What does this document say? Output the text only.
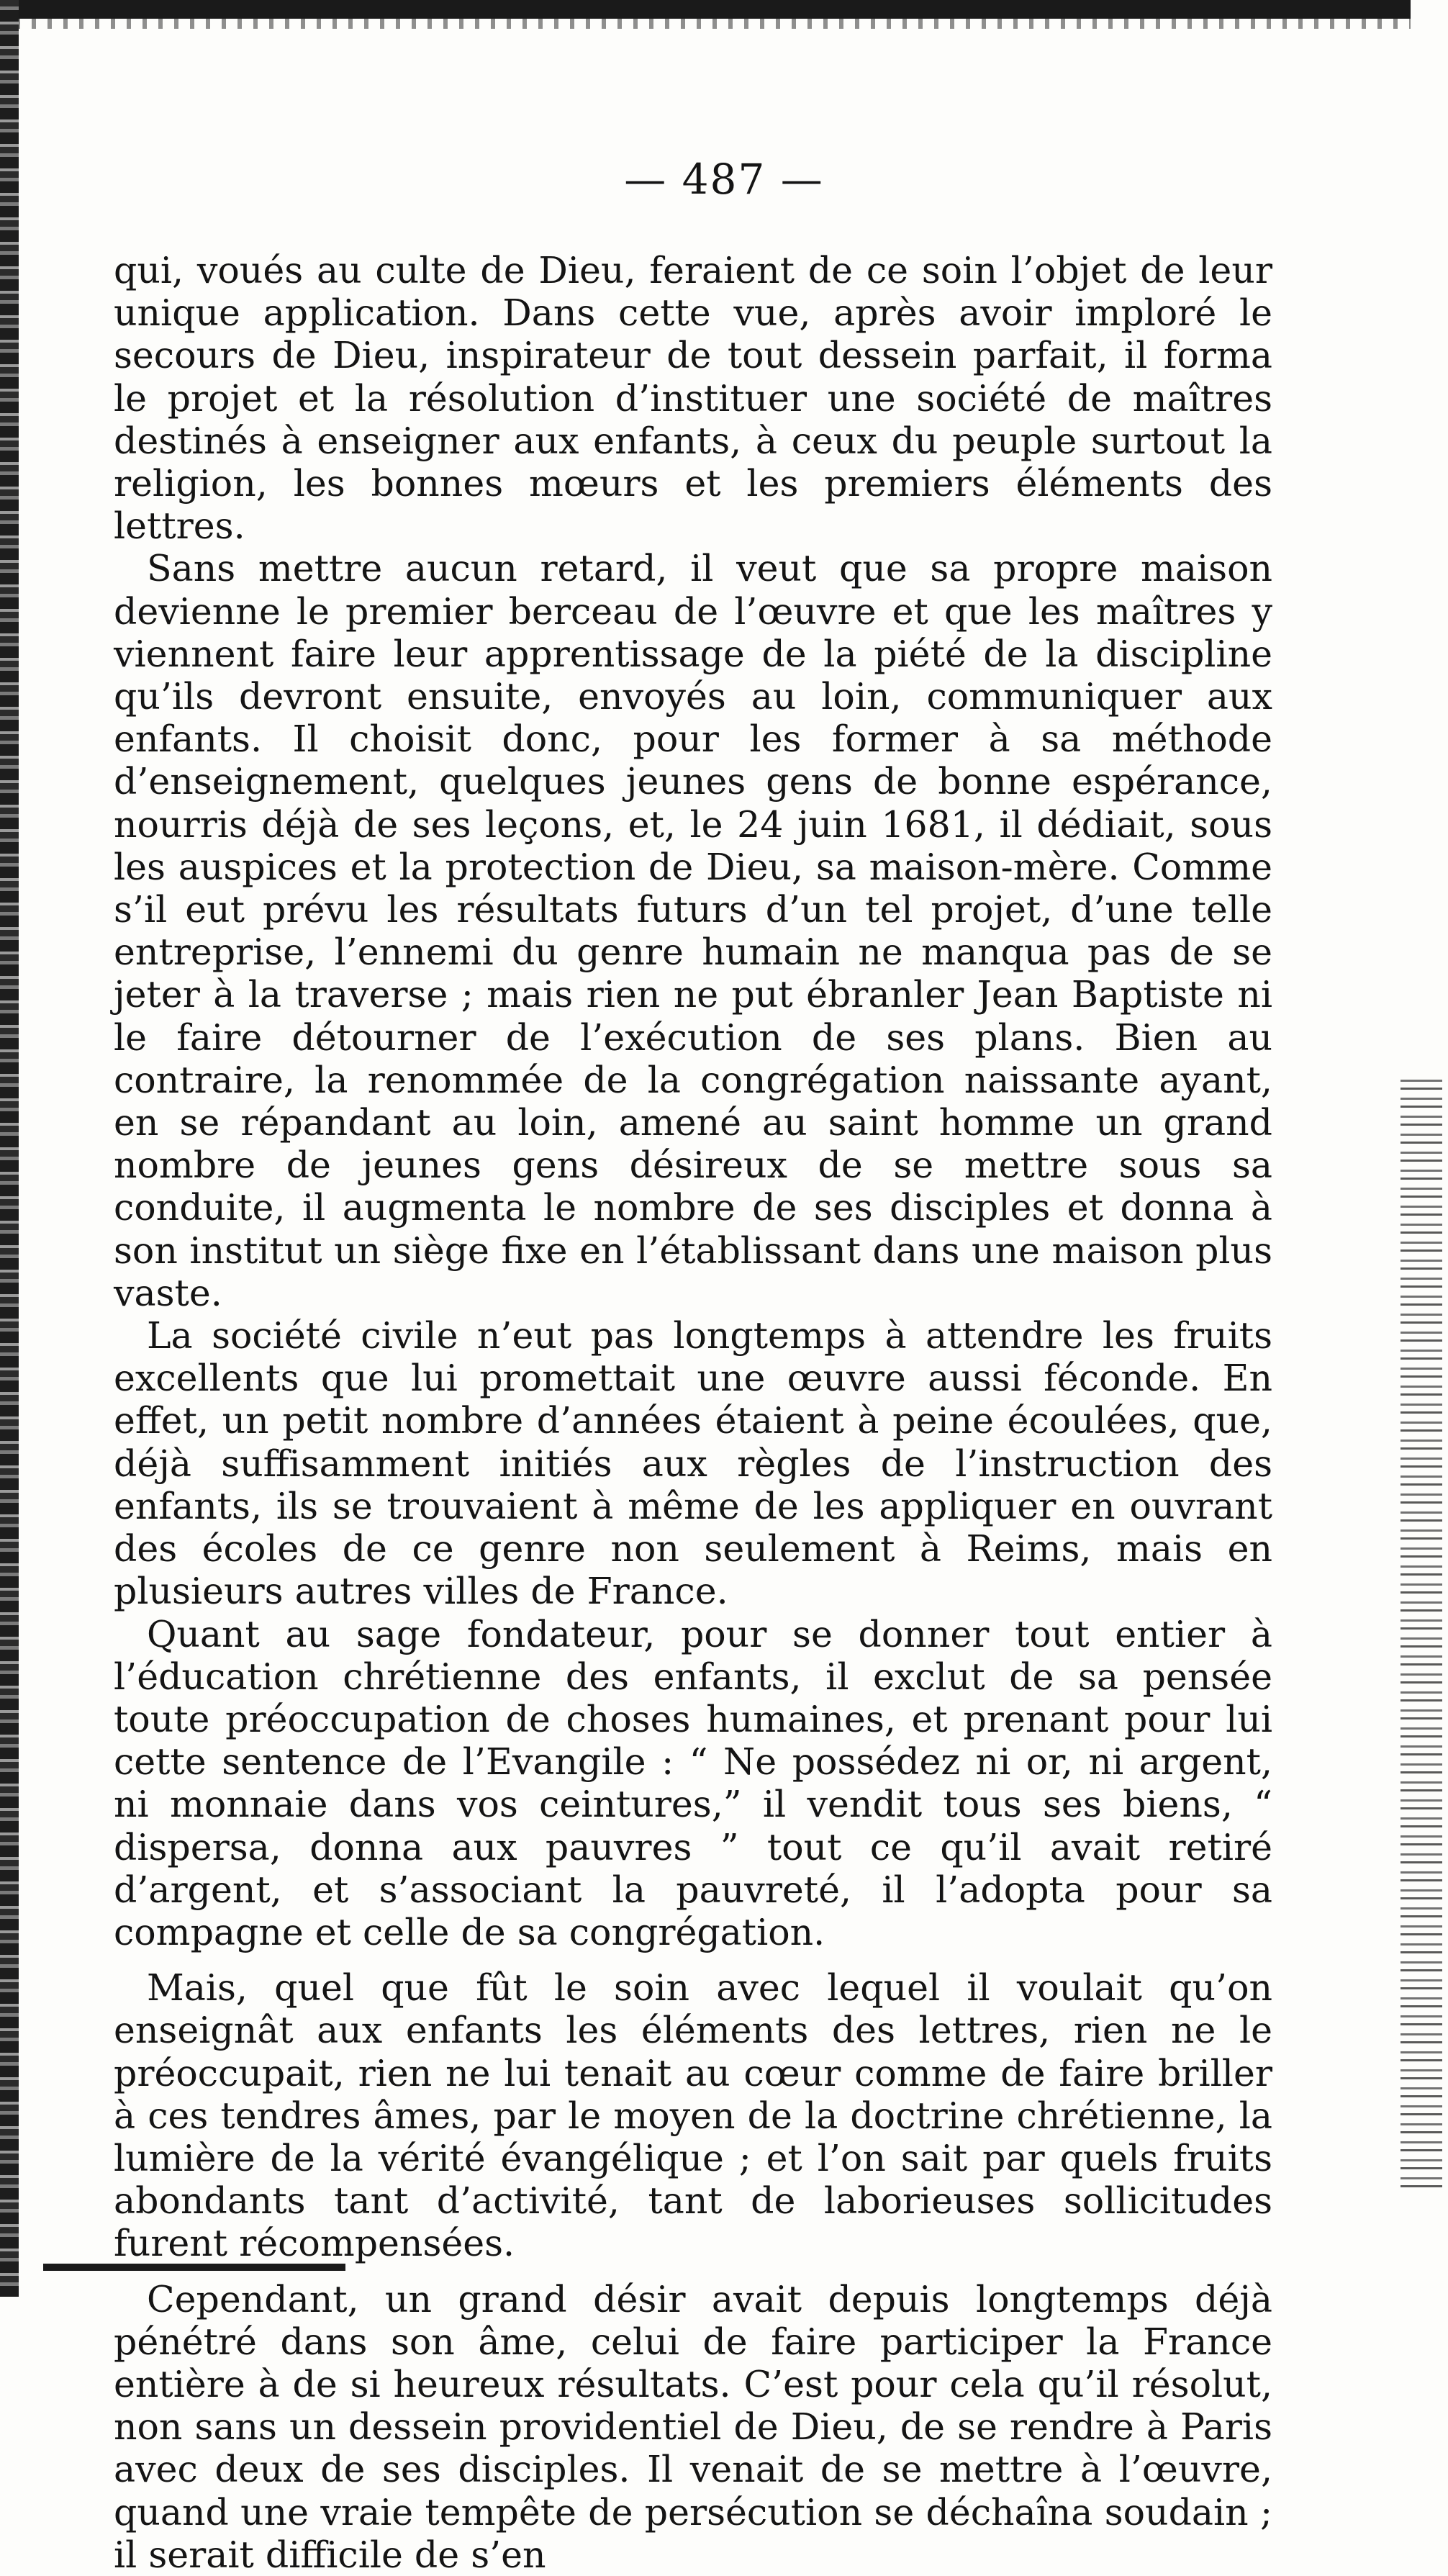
— 487 —

qui, voués au culte de Dieu, feraient de ce soin l’objet de leur unique application. Dans cette vue, après avoir imploré le secours de Dieu, inspirateur de tout dessein parfait, il forma le projet et la résolution d’instituer une société de maîtres destinés à enseigner aux enfants, à ceux du peuple surtout la religion, les bonnes mœurs et les premiers éléments des lettres.

Sans mettre aucun retard, il veut que sa propre maison devienne le premier berceau de l’œuvre et que les maîtres y viennent faire leur apprentissage de la piété de la discipline qu’ils devront ensuite, envoyés au loin, communiquer aux enfants. Il choisit donc, pour les former à sa méthode d’enseignement, quelques jeunes gens de bonne espérance, nourris déjà de ses leçons, et, le 24 juin 1681, il dédiait, sous les auspices et la protection de Dieu, sa maison-mère. Comme s’il eut prévu les résultats futurs d’un tel projet, d’une telle entreprise, l’ennemi du genre humain ne manqua pas de se jeter à la traverse ; mais rien ne put ébranler Jean Baptiste ni le faire détourner de l’exécution de ses plans. Bien au contraire, la renommée de la congrégation naissante ayant, en se répandant au loin, amené au saint homme un grand nombre de jeunes gens désireux de se mettre sous sa conduite, il augmenta le nombre de ses disciples et donna à son institut un siège fixe en l’établissant dans une maison plus vaste.

La société civile n’eut pas longtemps à attendre les fruits excellents que lui promettait une œuvre aussi féconde. En effet, un petit nombre d’années étaient à peine écoulées, que, déjà suffisamment initiés aux règles de l’instruction des enfants, ils se trouvaient à même de les appliquer en ouvrant des écoles de ce genre non seulement à Reims, mais en plusieurs autres villes de France.

Quant au sage fondateur, pour se donner tout entier à l’éducation chrétienne des enfants, il exclut de sa pensée toute préoccupation de choses humaines, et prenant pour lui cette sentence de l’Evangile : “ Ne possédez ni or, ni argent, ni monnaie dans vos ceintures,” il vendit tous ses biens, “ dispersa, donna aux pauvres ” tout ce qu’il avait retiré d’argent, et s’associant la pauvreté, il l’adopta pour sa compagne et celle de sa congrégation.

Mais, quel que fût le soin avec lequel il voulait qu’on enseignât aux enfants les éléments des lettres, rien ne le préoccupait, rien ne lui tenait au cœur comme de faire briller à ces tendres âmes, par le moyen de la doctrine chrétienne, la lumière de la vérité évangélique ; et l’on sait par quels fruits abondants tant d’activité, tant de laborieuses sollicitudes furent récompensées.

Cependant, un grand désir avait depuis longtemps déjà pénétré dans son âme, celui de faire participer la France entière à de si heureux résultats. C’est pour cela qu’il résolut, non sans un dessein providentiel de Dieu, de se rendre à Paris avec deux de ses disciples. Il venait de se mettre à l’œuvre, quand une vraie tempête de persécution se déchaîna soudain ; il serait difficile de s’en
